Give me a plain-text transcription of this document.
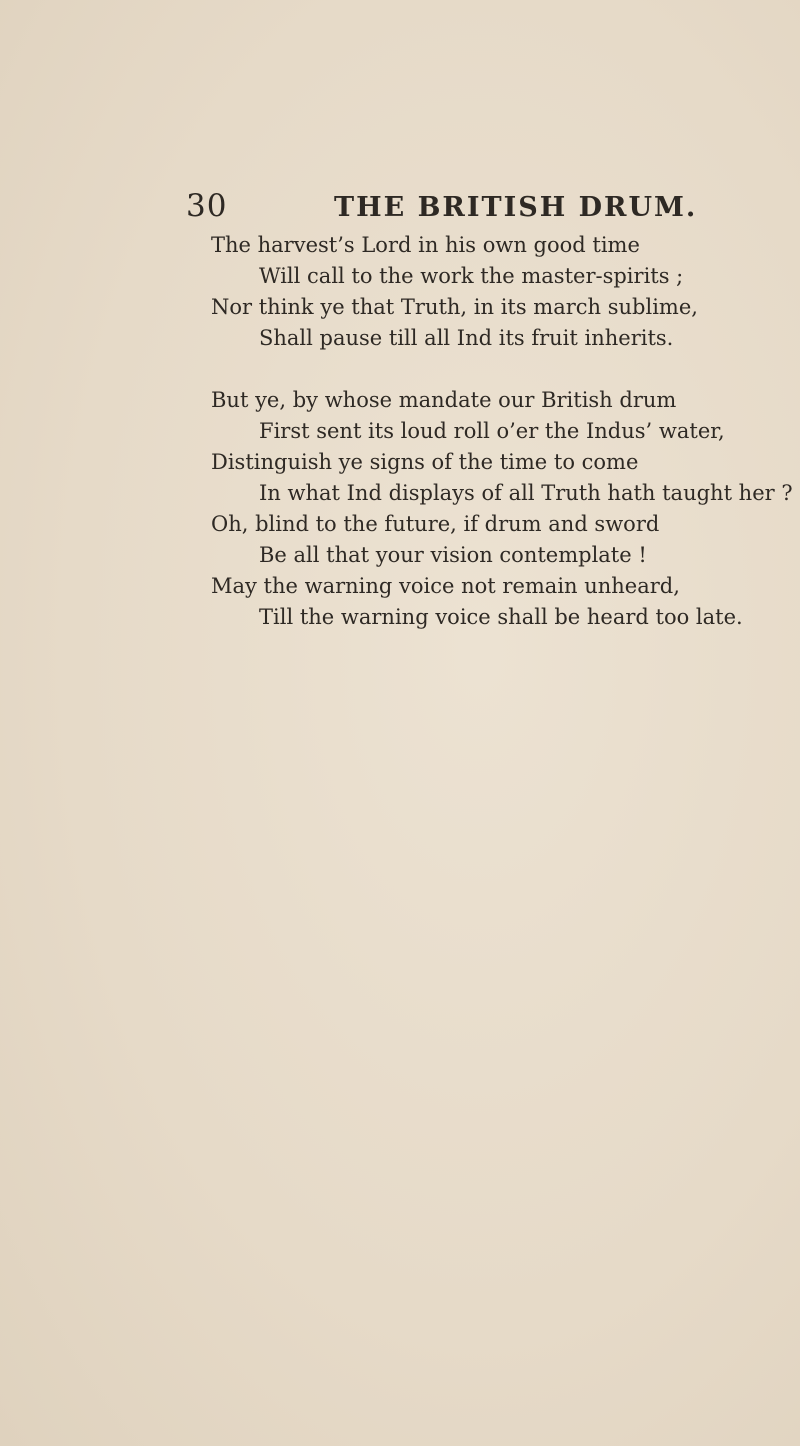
30	THE BRITISH DRUM.
The harvest’s Lord in his own good time
Will call to the work the master-spirits ;
Nor think ye that Truth, in its march sublime,
Shall pause till all Ind its fruit inherits.
But ye, by whose mandate our British drum
First sent its loud roll o’er the Indus’ water,
Distinguish ye signs of the time to come
In what Ind displays of all Truth hath taught her ?
Oh, blind to the future, if drum and sword
Be all that your vision contemplate !
May the warning voice not remain unheard,
Till the warning voice shall be heard too late.
